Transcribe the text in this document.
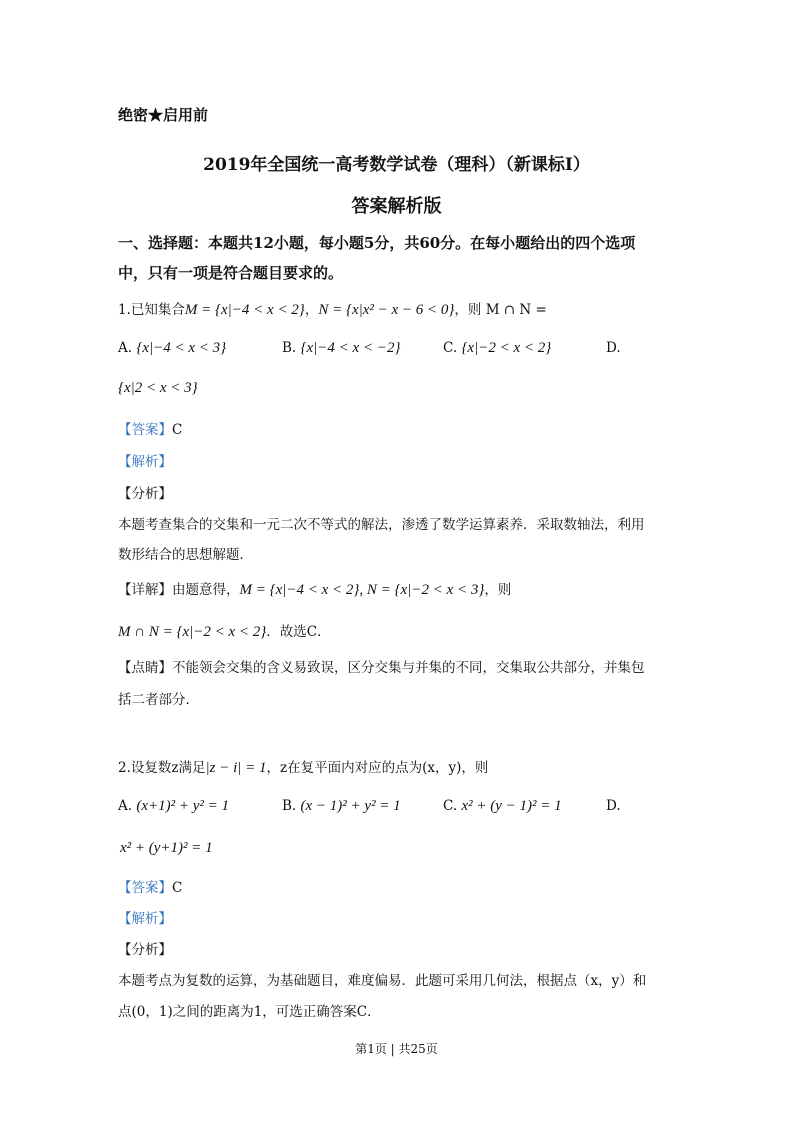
绝密★启用前
2019年全国统一高考数学试卷（理科）（新课标Ⅰ）
答案解析版
一、选择题：本题共12小题，每小题5分，共60分。在每小题给出的四个选项
中，只有一项是符合题目要求的。
1.已知集合M = {x|−4 < x < 2}，N = {x|x² − x − 6 < 0}，则 M ∩ N =
A. {x|−4 < x < 3}	B. {x|−4 < x < −2}	C. {x|−2 < x < 2}	D.
{x|2 < x < 3}
【答案】C
【解析】
【分析】
本题考查集合的交集和一元二次不等式的解法，渗透了数学运算素养．采取数轴法，利用
数形结合的思想解题．
【详解】由题意得，M = {x|−4 < x < 2}, N = {x|−2 < x < 3}，则
M ∩ N = {x|−2 < x < 2}．故选C．
【点睛】不能领会交集的含义易致误，区分交集与并集的不同，交集取公共部分，并集包
括二者部分．
2.设复数z满足|z − i| = 1，z在复平面内对应的点为(x，y)，则
A. (x+1)² + y² = 1	B. (x − 1)² + y² = 1	C. x² + (y − 1)² = 1	D.
x² + (y+1)² = 1
【答案】C
【解析】
【分析】
本题考点为复数的运算，为基础题目，难度偏易．此题可采用几何法，根据点（x，y）和
点(0，1)之间的距离为1，可选正确答案C．
第1页 | 共25页
